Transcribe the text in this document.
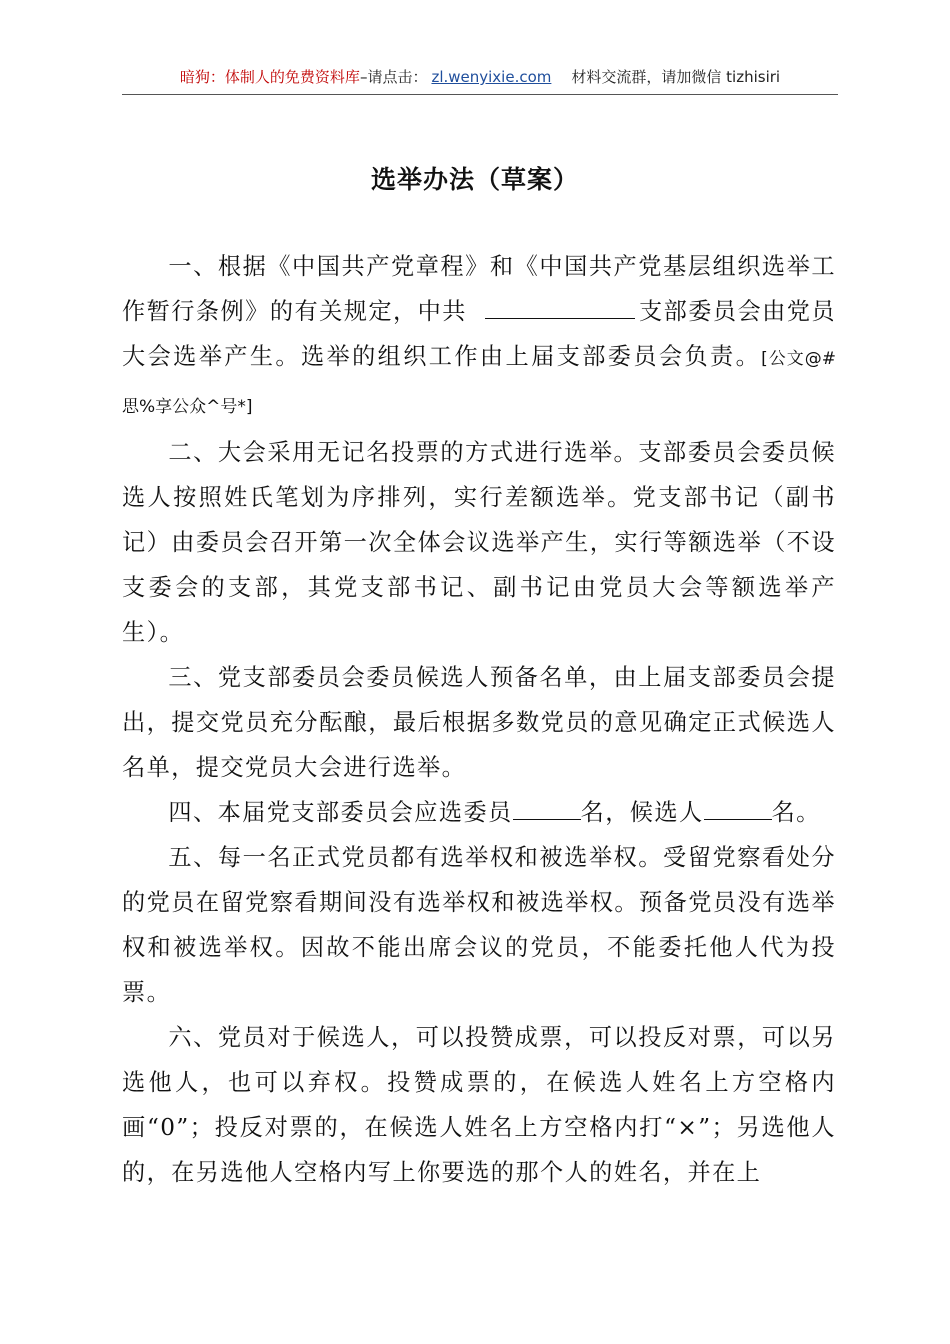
暗狗：体制人的免费资料库–请点击： zl.wenyixie.com 材料交流群，请加微信 tizhisiri
选举办法（草案）

一、根据《中国共产党章程》和《中国共产党基层组织选举工作暂行条例》的有关规定，中共	支部委员会由党员大会选举产生。选举的组织工作由上届支部委员会负责。[公文@#思%享公众^号*]

二、大会采用无记名投票的方式进行选举。支部委员会委员候选人按照姓氏笔划为序排列，实行差额选举。党支部书记（副书记）由委员会召开第一次全体会议选举产生，实行等额选举（不设支委会的支部，其党支部书记、副书记由党员大会等额选举产生）。

三、党支部委员会委员候选人预备名单，由上届支部委员会提出，提交党员充分酝酿，最后根据多数党员的意见确定正式候选人名单，提交党员大会进行选举。

四、本届党支部委员会应选委员	名，候选人	名。

五、每一名正式党员都有选举权和被选举权。受留党察看处分的党员在留党察看期间没有选举权和被选举权。预备党员没有选举权和被选举权。因故不能出席会议的党员，不能委托他人代为投票。

六、党员对于候选人，可以投赞成票，可以投反对票，可以另选他人，也可以弃权。投赞成票的，在候选人姓名上方空格内画“0”；投反对票的，在候选人姓名上方空格内打“×”；另选他人的，在另选他人空格内写上你要选的那个人的姓名，并在上
